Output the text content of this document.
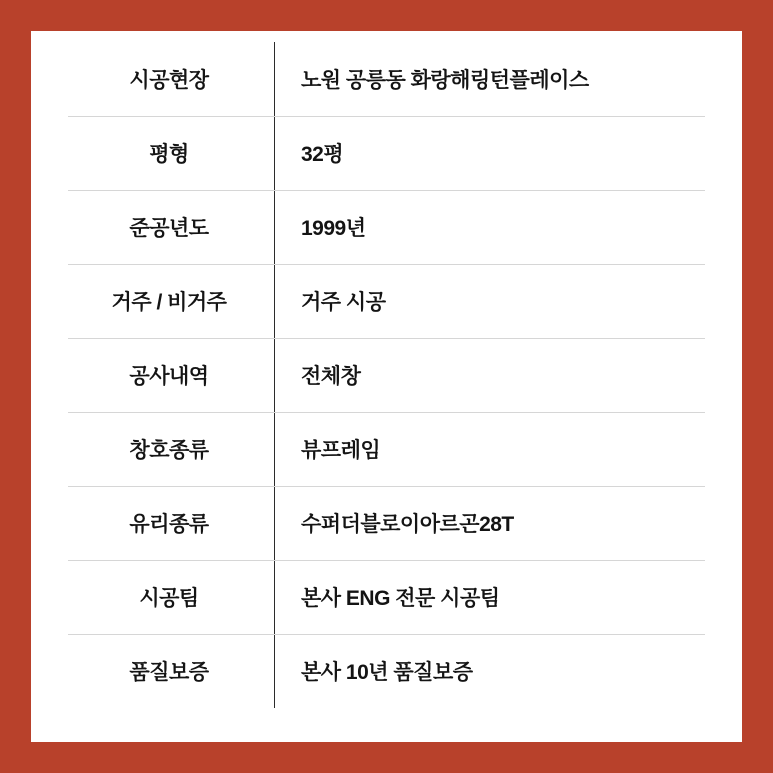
시공현장	노원 공릉동 화랑해링턴플레이스
평형	32평
준공년도	1999년
거주 / 비거주	거주 시공
공사내역	전체창
창호종류	뷰프레임
유리종류	수퍼더블로이아르곤28T
시공팀	본사 ENG 전문 시공팀
품질보증	본사 10년 품질보증
